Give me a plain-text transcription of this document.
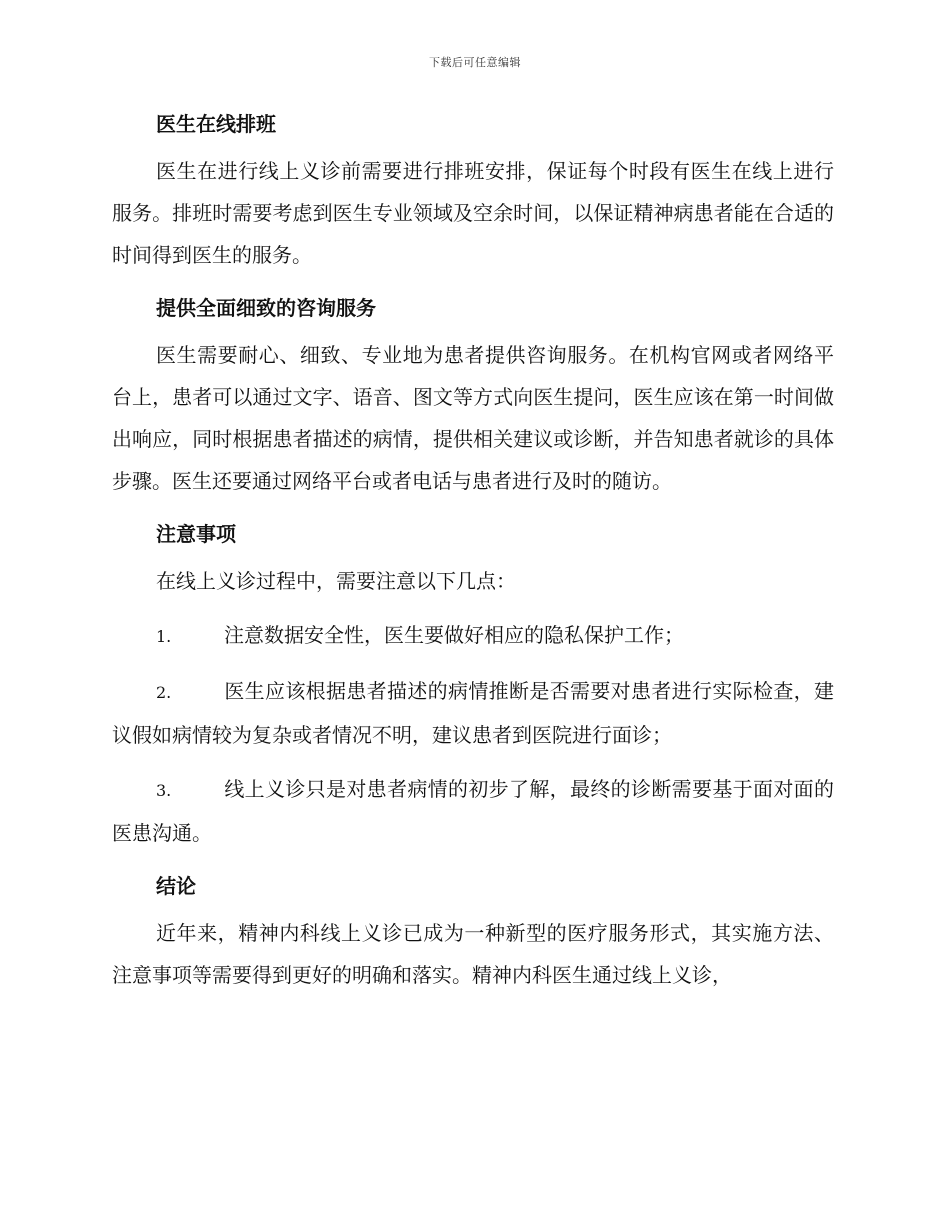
下载后可任意编辑
医生在线排班

医生在进行线上义诊前需要进行排班安排，保证每个时段有医生在线上进行服务。排班时需要考虑到医生专业领域及空余时间，以保证精神病患者能在合适的时间得到医生的服务。

提供全面细致的咨询服务

医生需要耐心、细致、专业地为患者提供咨询服务。在机构官网或者网络平台上，患者可以通过文字、语音、图文等方式向医生提问，医生应该在第一时间做出响应，同时根据患者描述的病情，提供相关建议或诊断，并告知患者就诊的具体步骤。医生还要通过网络平台或者电话与患者进行及时的随访。

注意事项

在线上义诊过程中，需要注意以下几点：

1.	注意数据安全性，医生要做好相应的隐私保护工作；

2.	医生应该根据患者描述的病情推断是否需要对患者进行实际检查，建议假如病情较为复杂或者情况不明，建议患者到医院进行面诊；

3.	线上义诊只是对患者病情的初步了解，最终的诊断需要基于面对面的医患沟通。

结论

近年来，精神内科线上义诊已成为一种新型的医疗服务形式，其实施方法、注意事项等需要得到更好的明确和落实。精神内科医生通过线上义诊，
